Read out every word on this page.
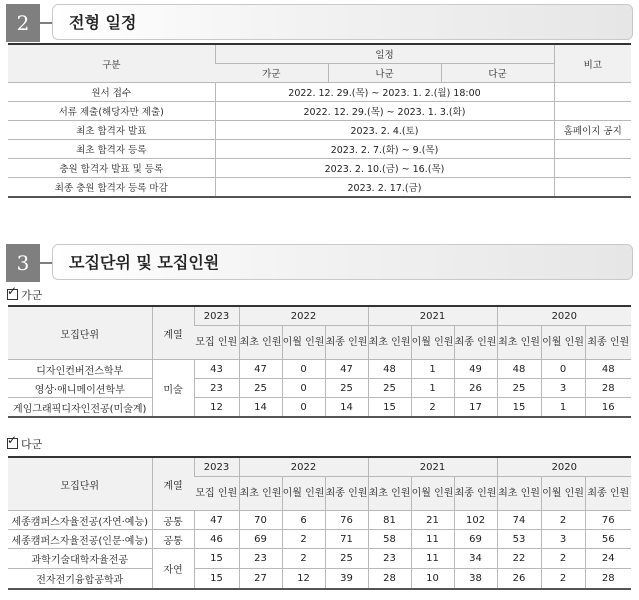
2	전형 일정
구분	일정			비고
	가군	나군	다군	
원서 접수	2022. 12. 29.(목) ~ 2023. 1. 2.(월) 18:00			
서류 제출(해당자만 제출)	2022. 12. 29.(목) ~ 2023. 1. 3.(화)			
최초 합격자 발표	2023. 2. 4.(토)			홈페이지 공지
최초 합격자 등록	2023. 2. 7.(화) ~ 9.(목)			
충원 합격자 발표 및 등록	2023. 2. 10.(금) ~ 16.(목)			
최종 충원 합격자 등록 마감	2023. 2. 17.(금)			
3	모집단위 및 모집인원
✓가군
모집단위	계열	2023	2022			2021			2020		
		모집 인원	최초 인원	이월 인원	최종 인원	최초 인원	이월 인원	최종 인원	최초 인원	이월 인원	최종 인원
디자인컨버전스학부	미술	43	47	0	47	48	1	49	48	0	48
영상·애니메이션학부		23	25	0	25	25	1	26	25	3	28
게임그래픽디자인전공(미술계)		12	14	0	14	15	2	17	15	1	16
✓다군
모집단위	계열	2023	2022			2021			2020		
		모집 인원	최초 인원	이월 인원	최종 인원	최초 인원	이월 인원	최종 인원	최초 인원	이월 인원	최종 인원
세종캠퍼스자율전공(자연·예능)	공통	47	70	6	76	81	21	102	74	2	76
세종캠퍼스자율전공(인문·예능)	공통	46	69	2	71	58	11	69	53	3	56
과학기술대학자율전공	자연	15	23	2	25	23	11	34	22	2	24
전자전기융합공학과		15	27	12	39	28	10	38	26	2	28
